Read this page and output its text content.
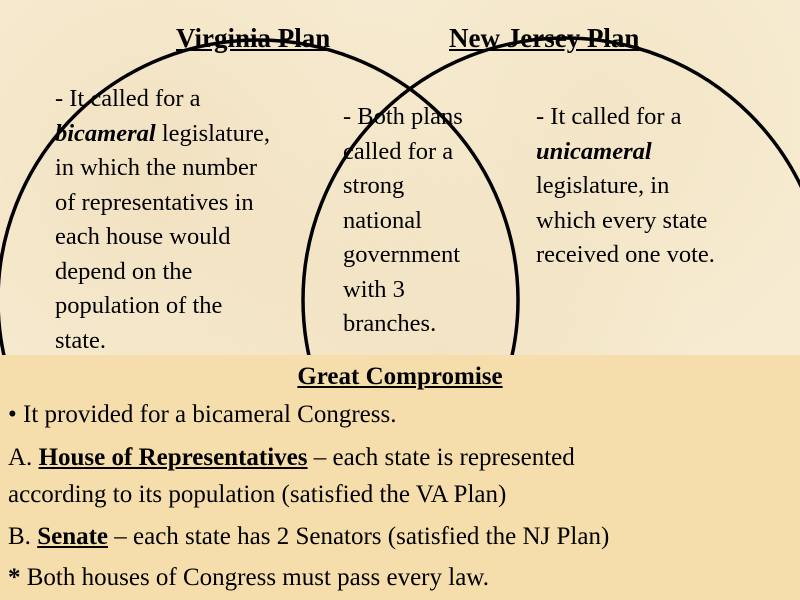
Virginia Plan	New Jersey Plan
- It called for a
bicameral legislature,
in which the number
of representatives in
each house would
depend on the
population of the
state.
- Both plans
called for a
strong
national
government
with 3
branches.
- It called for a
unicameral
legislature, in
which every state
received one vote.
Great Compromise
• It provided for a bicameral Congress.
A. House of Representatives – each state is represented
according to its population (satisfied the VA Plan)
B. Senate – each state has 2 Senators (satisfied the NJ Plan)
* Both houses of Congress must pass every law.
